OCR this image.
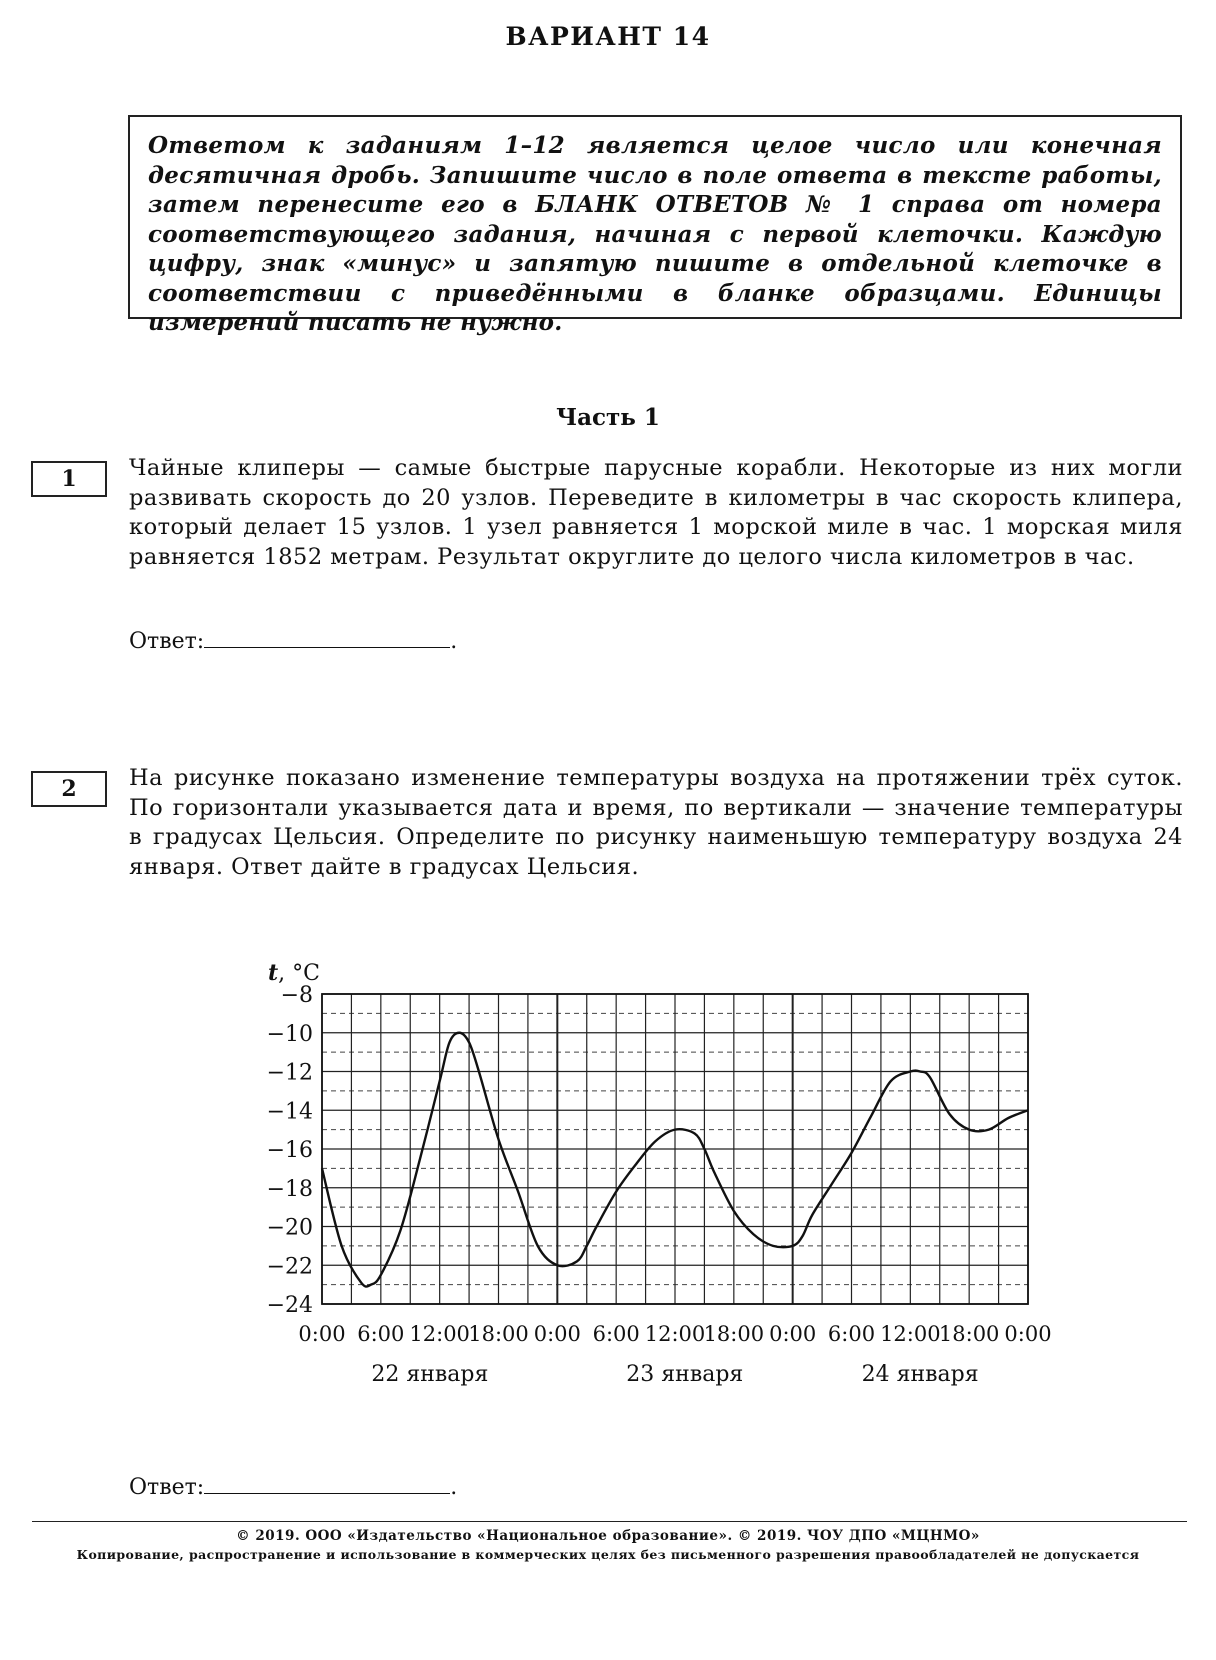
ВАРИАНТ 14
Ответом к заданиям 1–12 является целое число или конечная десятичная дробь. Запишите число в поле ответа в тексте работы, затем перенесите его в БЛАНК ОТВЕТОВ № 1 справа от номера соответствующего задания, начиная с первой клеточки. Каждую цифру, знак «минус» и запятую пишите в отдельной клеточке в соответствии с приведёнными в бланке образцами. Единицы измерений писать не нужно.
Часть 1
1	Чайные клиперы — самые быстрые парусные корабли. Некоторые из них могли развивать скорость до 20 узлов. Переведите в километры в час скорость клипера, который делает 15 узлов. 1 узел равняется 1 морской миле в час. 1 морская миля равняется 1852 метрам. Результат округлите до целого числа километров в час.
Ответ:	.
2	На рисунке показано изменение температуры воздуха на протяжении трёх суток. По горизонтали указывается дата и время, по вертикали — значение температуры в градусах Цельсия. Определите по рисунку наименьшую температуру воздуха 24 января. Ответ дайте в градусах Цельсия.
−8
−10
−12
−14
−16
−18
−20
−22
−24
t, °C
0:00 6:00 12:00
18:00 0:00 6:00 12:00
18:00 0:00 6:00 12:00
18:00 0:00
22 января	23 января	24 января
Ответ:	.
© 2019. ООО «Издательство «Национальное образование». © 2019. ЧОУ ДПО «МЦНМО»
Копирование, распространение и использование в коммерческих целях без письменного разрешения правообладателей не допускается
